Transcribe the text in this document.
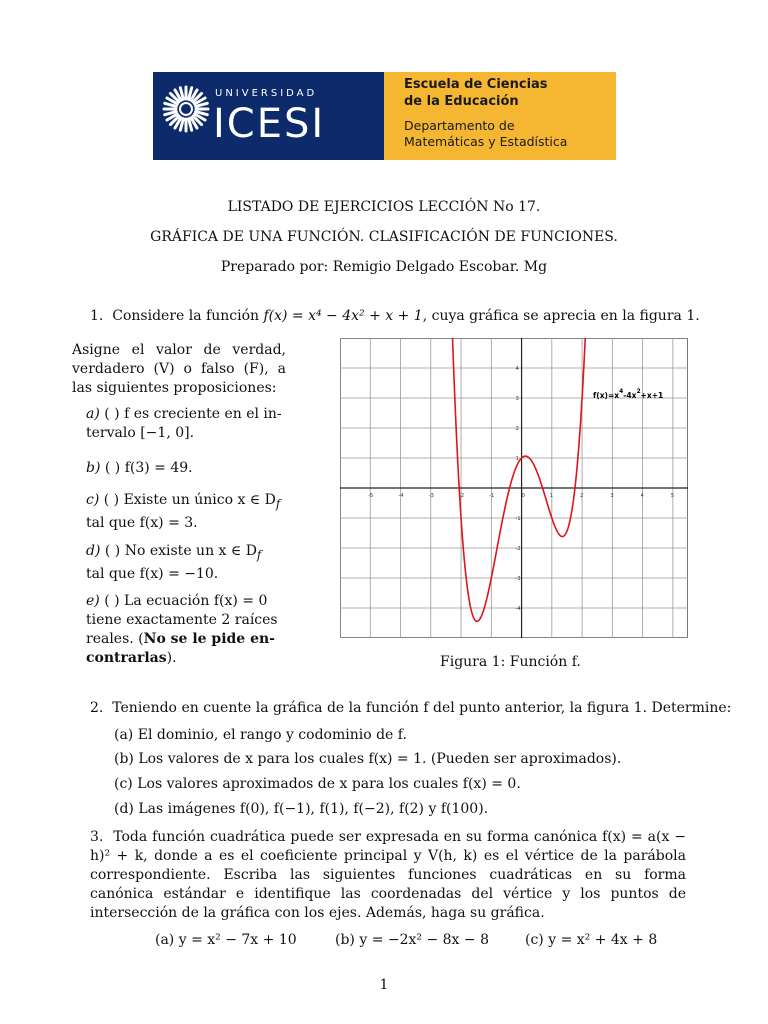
UNIVERSIDAD
ICESI
Escuela de Ciencias
de la Educación
Departamento de
Matemáticas y Estadística
LISTADO DE EJERCICIOS LECCIÓN No 17.
GRÁFICA DE UNA FUNCIÓN. CLASIFICACIÓN DE FUNCIONES.
Preparado por: Remigio Delgado Escobar. Mg
1. Considere la función f(x) = x⁴ − 4x² + x + 1, cuya gráfica se aprecia en la figura 1.
Asigne el valor de verdad, verdadero (V) o falso (F), a las siguientes proposiciones:
a) ( ) f es creciente en el in-
tervalo [−1, 0].
b) ( ) f(3) = 49.
c) ( ) Existe un único x ∈ $D_f$
tal que f(x) = 3.
d) ( ) No existe un x ∈ $D_f$
tal que f(x) = −10.
e) ( ) La ecuación f(x) = 0
tiene exactamente 2 raíces
reales. (No se le pide en-
contrarlas).
-5	-4	-3	-2	-1	0	1	2	3	4	5
4
3
2
1
-1
-2
-3
-4
$f(x)=x^4-4x^2+x+1$
Figura 1: Función f.
2. Teniendo en cuente la gráfica de la función f del punto anterior, la figura 1. Determine:
(a) El dominio, el rango y codominio de f.
(b) Los valores de x para los cuales f(x) = 1. (Pueden ser aproximados).
(c) Los valores aproximados de x para los cuales f(x) = 0.
(d) Las imágenes f(0), f(−1), f(1), f(−2), f(2) y f(100).
3. Toda función cuadrática puede ser expresada en su forma canónica f(x) = a(x − h)² + k, donde a es el coeficiente principal y V(h, k) es el vértice de la parábola correspondiente. Escriba las siguientes funciones cuadráticas en su forma canónica estándar e identifique las coordenadas del vértice y los puntos de intersección de la gráfica con los ejes. Además, haga su gráfica.
(a) y = x² − 7x + 10	(b) y = −2x² − 8x − 8	(c) y = x² + 4x + 8
1
